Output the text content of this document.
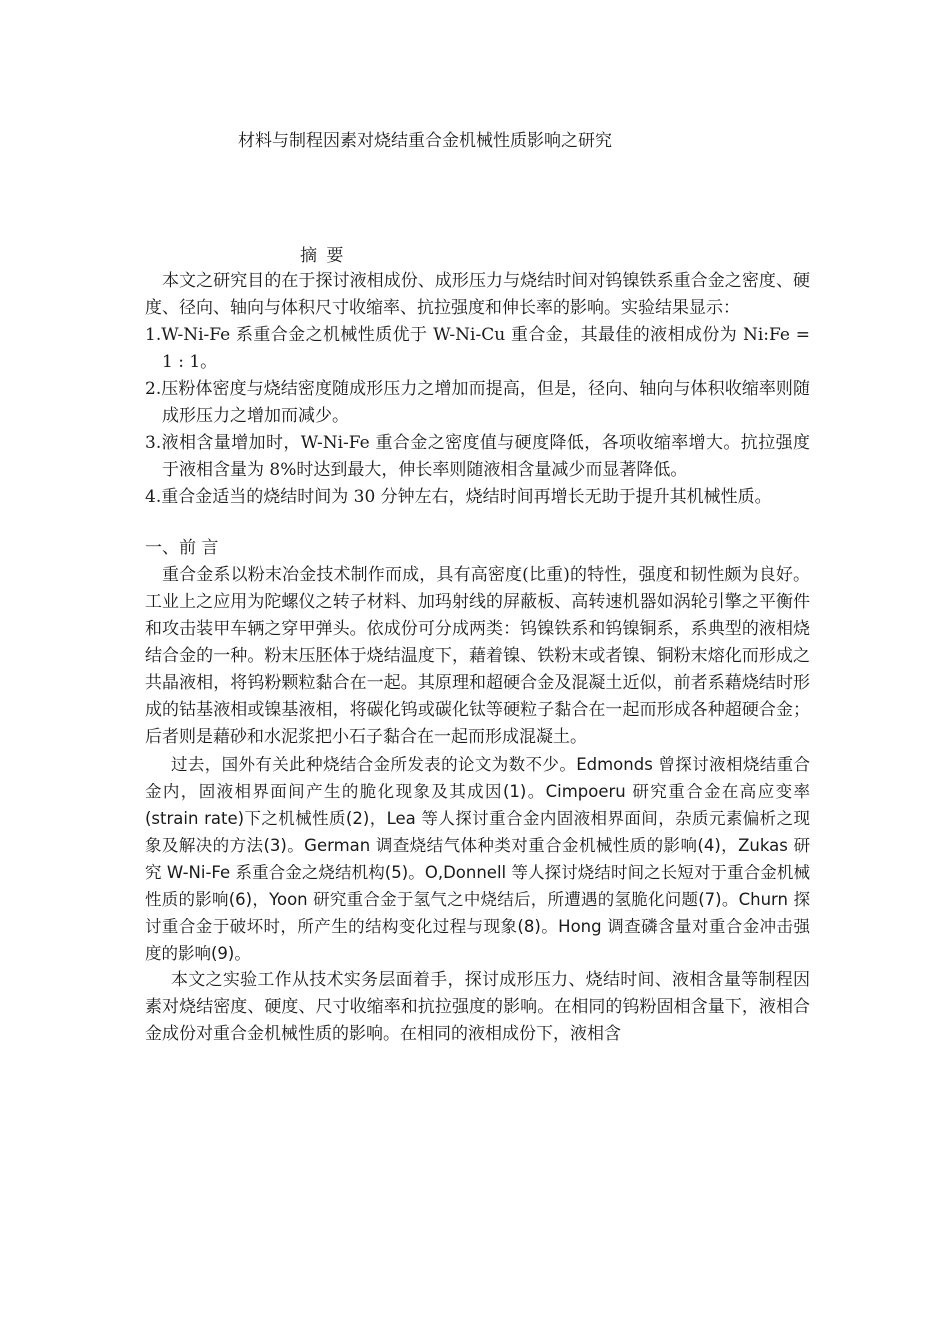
材料与制程因素对烧结重合金机械性质影响之研究
摘 要

本文之研究目的在于探讨液相成份、成形压力与烧结时间对钨镍铁系重合金之密度、硬度、径向、轴向与体积尺寸收缩率、抗拉强度和伸长率的影响。实验结果显示：

1.W-Ni-Fe 系重合金之机械性质优于 W-Ni-Cu 重合金，其最佳的液相成份为 Ni:Fe = 1 : 1。

2.压粉体密度与烧结密度随成形压力之增加而提高，但是，径向、轴向与体积收缩率则随成形压力之增加而减少。

3.液相含量增加时，W-Ni-Fe 重合金之密度值与硬度降低，各项收缩率增大。抗拉强度于液相含量为 8%时达到最大，伸长率则随液相含量减少而显著降低。

4.重合金适当的烧结时间为 30 分钟左右，烧结时间再增长无助于提升其机械性质。

一、前 言

重合金系以粉末冶金技术制作而成，具有高密度(比重)的特性，强度和韧性颇为良好。工业上之应用为陀螺仪之转子材料、加玛射线的屏蔽板、高转速机器如涡轮引擎之平衡件和攻击装甲车辆之穿甲弹头。依成份可分成两类：钨镍铁系和钨镍铜系，系典型的液相烧结合金的一种。粉末压胚体于烧结温度下，藉着镍、铁粉末或者镍、铜粉末熔化而形成之共晶液相，将钨粉颗粒黏合在一起。其原理和超硬合金及混凝土近似，前者系藉烧结时形成的钴基液相或镍基液相，将碳化钨或碳化钛等硬粒子黏合在一起而形成各种超硬合金；后者则是藉砂和水泥浆把小石子黏合在一起而形成混凝土。

过去，国外有关此种烧结合金所发表的论文为数不少。Edmonds 曾探讨液相烧结重合金内，固液相界面间产生的脆化现象及其成因(1)。Cimpoeru 研究重合金在高应变率(strain rate)下之机械性质(2)，Lea 等人探讨重合金内固液相界面间，杂质元素偏析之现象及解决的方法(3)。German 调查烧结气体种类对重合金机械性质的影响(4)，Zukas 研究 W-Ni-Fe 系重合金之烧结机构(5)。O,Donnell 等人探讨烧结时间之长短对于重合金机械性质的影响(6)，Yoon 研究重合金于氢气之中烧结后，所遭遇的氢脆化问题(7)。Churn 探讨重合金于破坏时，所产生的结构变化过程与现象(8)。Hong 调查磷含量对重合金冲击强度的影响(9)。

本文之实验工作从技术实务层面着手，探讨成形压力、烧结时间、液相含量等制程因素对烧结密度、硬度、尺寸收缩率和抗拉强度的影响。在相同的钨粉固相含量下，液相合金成份对重合金机械性质的影响。在相同的液相成份下，液相含
